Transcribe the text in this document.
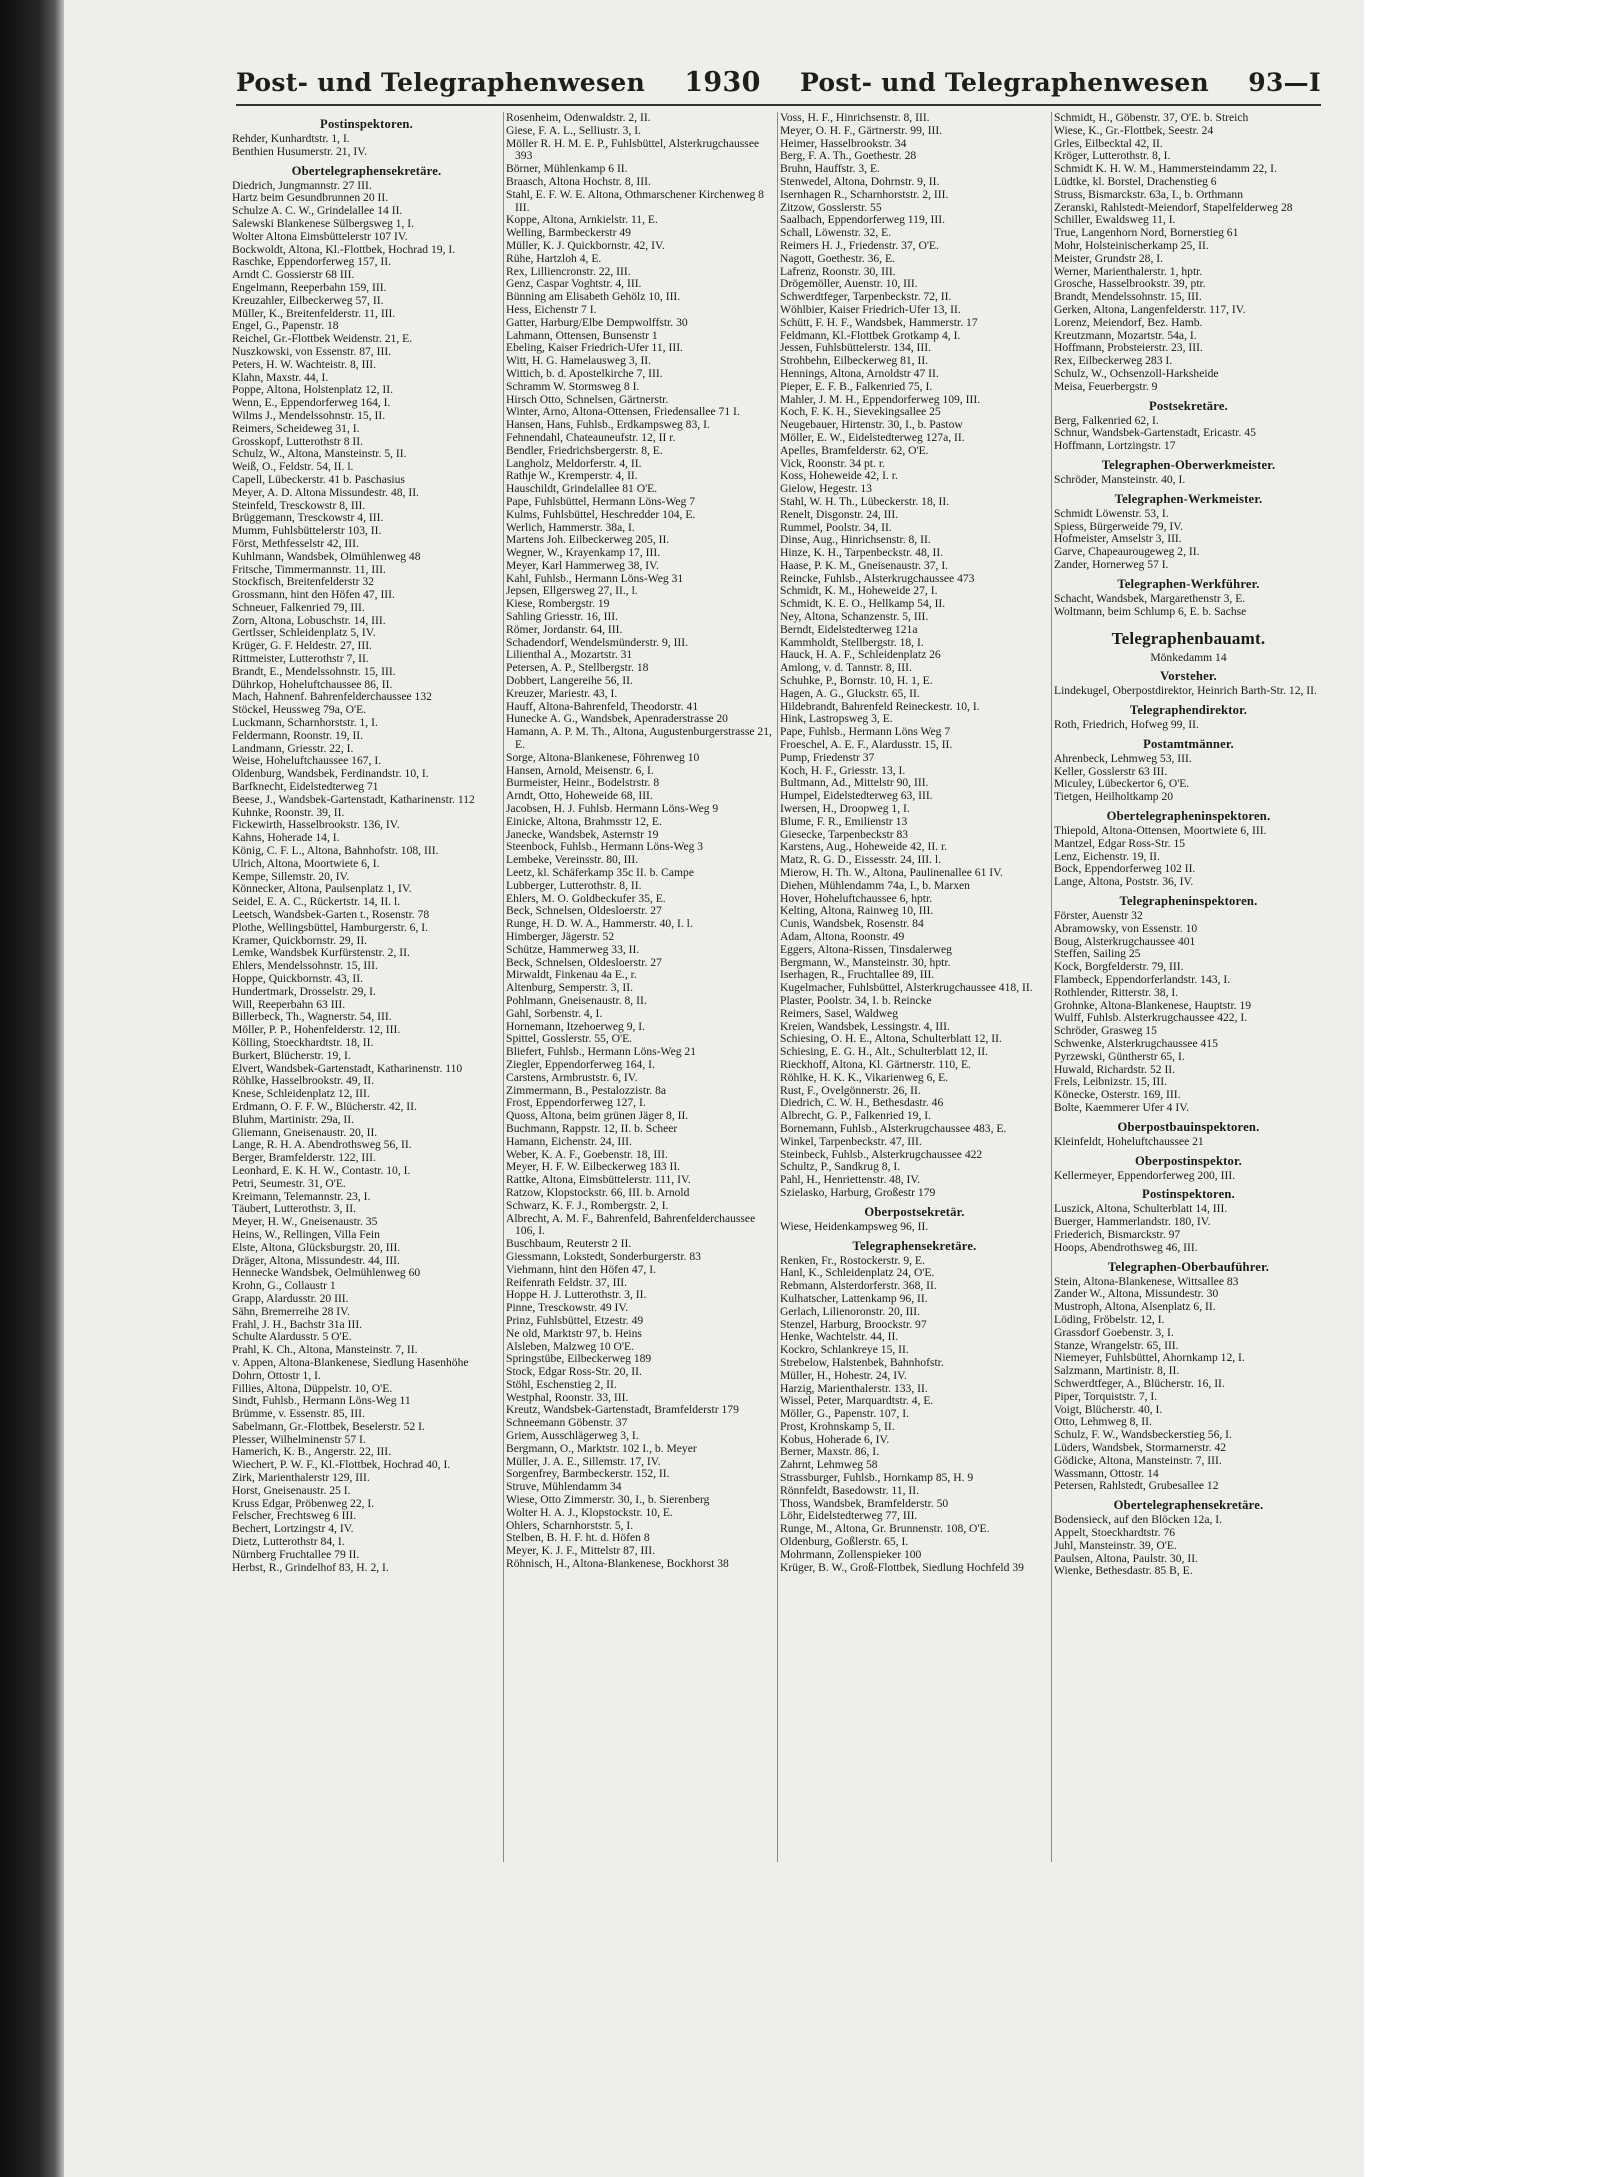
Post- und Telegraphenwesen 1930 Post- und Telegraphenwesen 93—I
Postinspektoren.
Rehder, Kunhardtstr. 1, I.
Benthien Husumerstr. 21, IV.
Obertelegraphensekretäre.
Diedrich, Jungmannstr. 27 III.
Hartz beim Gesundbrunnen 20 II.
Schulze A. C. W., Grindelallee 14 II.
Salewski Blankenese Sülbergsweg 1, I.
Wolter Altona Eimsbüttelerstr 107 IV.
Bockwoldt, Altona, Kl.-Flottbek, Hochrad 19, I.
Raschke, Eppendorferweg 157, II.
Arndt C. Gossierstr 68 III.
Engelmann, Reeperbahn 159, III.
Kreuzahler, Eilbeckerweg 57, II.
Müller, K., Breitenfelderstr. 11, III.
Engel, G., Papenstr. 18
Reichel, Gr.-Flottbek Weidenstr. 21, E.
Nuszkowski, von Essenstr. 87, III.
Peters, H. W. Wachteistr. 8, III.
Klahn, Maxstr. 44, I.
Poppe, Altona, Holstenplatz 12, II.
Wenn, E., Eppendorferweg 164, I.
Wilms J., Mendelssohnstr. 15, II.
Reimers, Scheideweg 31, I.
Grosskopf, Lutterothstr 8 II.
Schulz, W., Altona, Mansteinstr. 5, II.
Weiß, O., Feldstr. 54, II. l.
Capell, Lübeckerstr. 41 b. Paschasius
Meyer, A. D. Altona Missundestr. 48, II.
Steinfeld, Tresckowstr 8, III.
Brüggemann, Tresckowstr 4, III.
Mumm, Fuhlsbüttelerstr 103, II.
Först, Methfesselstr 42, III.
Kuhlmann, Wandsbek, Olmühlenweg 48
Fritsche, Timmermannstr. 11, III.
Stockfisch, Breitenfelderstr 32
Grossmann, hint den Höfen 47, III.
Schneuer, Falkenried 79, III.
Zorn, Altona, Lobuschstr. 14, III.
Gertlsser, Schleidenplatz 5, IV.
Krüger, G. F. Heldestr. 27, III.
Rittmeister, Lutterothstr 7, II.
Brandt, E., Mendelssohnstr. 15, III.
Dührkop, Hoheluftchaussee 86, II.
Mach, Hahnenf. Bahrenfelderchaussee 132
Stöckel, Heussweg 79a, O'E.
Luckmann, Scharnhorststr. 1, I.
Feldermann, Roonstr. 19, II.
Landmann, Griesstr. 22, I.
Weise, Hoheluftchaussee 167, I.
Oldenburg, Wandsbek, Ferdinandstr. 10, I.
Barfknecht, Eidelstedterweg 71
Beese, J., Wandsbek-Gartenstadt, Katharinenstr. 112
Kuhnke, Roonstr. 39, II.
Fickewirth, Hasselbrookstr. 136, IV.
Kahns, Hoherade 14, I.
König, C. F. L., Altona, Bahnhofstr. 108, III.
Ulrich, Altona, Moortwiete 6, I.
Kempe, Sillemstr. 20, IV.
Könnecker, Altona, Paulsenplatz 1, IV.
Seidel, E. A. C., Rückertstr. 14, II. l.
Leetsch, Wandsbek-Garten t., Rosenstr. 78
Plothe, Wellingsbüttel, Hamburgerstr. 6, I.
Kramer, Quickbornstr. 29, II.
Lemke, Wandsbek Kurfürstenstr. 2, II.
Ehlers, Mendelssohnstr. 15, III.
Hoppe, Quickbornstr. 43, II.
Hundertmark, Drosselstr. 29, I.
Will, Reeperbahn 63 III.
Billerbeck, Th., Wagnerstr. 54, III.
Möller, P. P., Hohenfelderstr. 12, III.
Kölling, Stoeckhardtstr. 18, II.
Burkert, Blücherstr. 19, I.
Elvert, Wandsbek-Gartenstadt, Katharinenstr. 110
Röhlke, Hasselbrookstr. 49, II.
Knese, Schleidenplatz 12, III.
Erdmann, O. F. F. W., Blücherstr. 42, II.
Bluhm, Martinistr. 29a, II.
Gliemann, Gneisenaustr. 20, II.
Lange, R. H. A. Abendrothsweg 56, II.
Berger, Bramfelderstr. 122, III.
Leonhard, E. K. H. W., Contastr. 10, I.
Petri, Seumestr. 31, O'E.
Kreimann, Telemannstr. 23, I.
Täubert, Lutterothstr. 3, II.
Meyer, H. W., Gneisenaustr. 35
Heins, W., Rellingen, Villa Fein
Elste, Altona, Glücksburgstr. 20, III.
Dräger, Altona, Missundestr. 44, III.
Hennecke Wandsbek, Oelmühlenweg 60
Krohn, G., Collaustr 1
Grapp, Alardusstr. 20 III.
Sähn, Bremerreihe 28 IV.
Frahl, J. H., Bachstr 31a III.
Schulte Alardusstr. 5 O'E.
Prahl, K. Ch., Altona, Mansteinstr. 7, II.
v. Appen, Altona-Blankenese, Siedlung Hasenhöhe
Dohrn, Ottostr 1, I.
Fillies, Altona, Düppelstr. 10, O'E.
Sindt, Fuhlsb., Hermann Löns-Weg 11
Brümme, v. Essenstr. 85, III.
Sabelmann, Gr.-Flottbek, Beselerstr. 52 I.
Plesser, Wilhelminenstr 57 I.
Hamerich, K. B., Angerstr. 22, III.
Wiechert, P. W. F., Kl.-Flottbek, Hochrad 40, I.
Zirk, Marienthalerstr 129, III.
Horst, Gneisenaustr. 25 I.
Kruss Edgar, Pröbenweg 22, I.
Felscher, Frechtsweg 6 III.
Bechert, Lortzingstr 4, IV.
Dietz, Lutterothstr 84, I.
Nürnberg Fruchtallee 79 II.
Herbst, R., Grindelhof 83, H. 2, I.
Rosenheim, Odenwaldstr. 2, II.
Giese, F. A. L., Selliustr. 3, I.
Möller R. H. M. E. P., Fuhlsbüttel, Alsterkrugchaussee 393
Börner, Mühlenkamp 6 II.
Braasch, Altona Hochstr. 8, III.
Stahl, E. F. W. E. Altona, Othmarschener Kirchenweg 8 III.
Koppe, Altona, Arnkielstr. 11, E.
Welling, Barmbeckerstr 49
Müller, K. J. Quickbornstr. 42, IV.
Rühe, Hartzloh 4, E.
Rex, Lilliencronstr. 22, III.
Genz, Caspar Voghtstr. 4, III.
Bünning am Elisabeth Gehölz 10, III.
Hess, Eichenstr 7 I.
Gatter, Harburg/Elbe Dempwolffstr. 30
Lahmann, Ottensen, Bunsenstr 1
Ebeling, Kaiser Friedrich-Ufer 11, III.
Witt, H. G. Hamelausweg 3, II.
Wittich, b. d. Apostelkirche 7, III.
Schramm W. Stormsweg 8 I.
Hirsch Otto, Schnelsen, Gärtnerstr.
Winter, Arno, Altona-Ottensen, Friedensallee 71 I.
Hansen, Hans, Fuhlsb., Erdkampsweg 83, I.
Fehnendahl, Chateauneufstr. 12, II r.
Bendler, Friedrichsbergerstr. 8, E.
Langholz, Meldorferstr. 4, II.
Rathje W., Kremperstr. 4, II.
Hauschildt, Grindelallee 81 O'E.
Pape, Fuhlsbüttel, Hermann Löns-Weg 7
Kulms, Fuhlsbüttel, Heschredder 104, E.
Werlich, Hammerstr. 38a, I.
Martens Joh. Eilbeckerweg 205, II.
Wegner, W., Krayenkamp 17, III.
Meyer, Karl Hammerweg 38, IV.
Kahl, Fuhlsb., Hermann Löns-Weg 31
Jepsen, Ellgersweg 27, II., l.
Kiese, Rombergstr. 19
Sahling Griesstr. 16, III.
Römer, Jordanstr. 64, III.
Schadendorf, Wendelsmünderstr. 9, III.
Lilienthal A., Mozartstr. 31
Petersen, A. P., Stellbergstr. 18
Dobbert, Langereihe 56, II.
Kreuzer, Mariestr. 43, I.
Hauff, Altona-Bahrenfeld, Theodorstr. 41
Hunecke A. G., Wandsbek, Apenraderstrasse 20
Hamann, A. P. M. Th., Altona, Augustenburgerstrasse 21, E.
Sorge, Altona-Blankenese, Föhrenweg 10
Hansen, Arnold, Meisenstr. 6, I.
Burmeister, Heinr., Bodelstrstr. 8
Arndt, Otto, Hoheweide 68, III.
Jacobsen, H. J. Fuhlsb. Hermann Löns-Weg 9
Einicke, Altona, Brahmsstr 12, E.
Janecke, Wandsbek, Asternstr 19
Steenbock, Fuhlsb., Hermann Löns-Weg 3
Lembeke, Vereinsstr. 80, III.
Leetz, kl. Schäferkamp 35c II. b. Campe
Lubberger, Lutterothstr. 8, II.
Ehlers, M. O. Goldbeckufer 35, E.
Beck, Schnelsen, Oldesloerstr. 27
Runge, H. D. W. A., Hammerstr. 40, I. l.
Himberger, Jägerstr. 52
Schütze, Hammerweg 33, II.
Beck, Schnelsen, Oldesloerstr. 27
Mirwaldt, Finkenau 4a E., r.
Altenburg, Semperstr. 3, II.
Pohlmann, Gneisenaustr. 8, II.
Gahl, Sorbenstr. 4, I.
Hornemann, Itzehoerweg 9, I.
Spittel, Gosslerstr. 55, O'E.
Bliefert, Fuhlsb., Hermann Löns-Weg 21
Ziegler, Eppendorferweg 164, I.
Carstens, Armbruststr. 6, IV.
Zimmermann, B., Pestalozzistr. 8a
Frost, Eppendorferweg 127, I.
Quoss, Altona, beim grünen Jäger 8, II.
Buchmann, Rappstr. 12, II. b. Scheer
Hamann, Eichenstr. 24, III.
Weber, K. A. F., Goebenstr. 18, III.
Meyer, H. F. W. Eilbeckerweg 183 II.
Rattke, Altona, Eimsbüttelerstr. 111, IV.
Ratzow, Klopstockstr. 66, III. b. Arnold
Schwarz, K. F. J., Rombergstr. 2, I.
Albrecht, A. M. F., Bahrenfeld, Bahrenfelderchaussee 106, I.
Buschbaum, Reuterstr 2 II.
Giessmann, Lokstedt, Sonderburgerstr. 83
Viehmann, hint den Höfen 47, I.
Reifenrath Feldstr. 37, III.
Hoppe H. J. Lutterothstr. 3, II.
Pinne, Tresckowstr. 49 IV.
Prinz, Fuhlsbüttel, Etzestr. 49
Ne old, Marktstr 97, b. Heins
Alsleben, Malzweg 10 O'E.
Springstübe, Eilbeckerweg 189
Stock, Edgar Ross-Str. 20, II.
Stöhl, Eschenstieg 2, II.
Westphal, Roonstr. 33, III.
Kreutz, Wandsbek-Gartenstadt, Bramfelderstr 179
Schneemann Göbenstr. 37
Griem, Ausschlägerweg 3, I.
Bergmann, O., Marktstr. 102 I., b. Meyer
Müller, J. A. E., Sillemstr. 17, IV.
Sorgenfrey, Barmbeckerstr. 152, II.
Struve, Mühlendamm 34
Wiese, Otto Zimmerstr. 30, I., b. Sierenberg
Wolter H. A. J., Klopstockstr. 10, E.
Ohlers, Scharnhorststr. 5, I.
Stelben, B. H. F. ht. d. Höfen 8
Meyer, K. J. F., Mittelstr 87, III.
Röhnisch, H., Altona-Blankenese, Bockhorst 38
Voss, H. F., Hinrichsenstr. 8, III.
Meyer, O. H. F., Gärtnerstr. 99, III.
Heimer, Hasselbrookstr. 34
Berg, F. A. Th., Goethestr. 28
Bruhn, Hauffstr. 3, E.
Stenwedel, Altona, Dohrnstr. 9, II.
Isernhagen R., Scharnhorststr. 2, III.
Zitzow, Gosslerstr. 55
Saalbach, Eppendorferweg 119, III.
Schall, Löwenstr. 32, E.
Reimers H. J., Friedenstr. 37, O'E.
Nagott, Goethestr. 36, E.
Lafrenz, Roonstr. 30, III.
Drögemöller, Auenstr. 10, III.
Schwerdtfeger, Tarpenbeckstr. 72, II.
Wöhlbier, Kaiser Friedrich-Ufer 13, II.
Schütt, F. H. F., Wandsbek, Hammerstr. 17
Feldmann, Kl.-Flottbek Grotkamp 4, I.
Jessen, Fuhlsbüttelerstr. 134, III.
Strohbehn, Eilbeckerweg 81, II.
Hennings, Altona, Arnoldstr 47 II.
Pieper, E. F. B., Falkenried 75, I.
Mahler, J. M. H., Eppendorferweg 109, III.
Koch, F. K. H., Sievekingsallee 25
Neugebauer, Hirtenstr. 30, I., b. Pastow
Möller, E. W., Eidelstedterweg 127a, II.
Apelles, Bramfelderstr. 62, O'E.
Vick, Roonstr. 34 pt. r.
Koss, Hoheweide 42, I. r.
Gielow, Hegestr. 13
Stahl, W. H. Th., Lübeckerstr. 18, II.
Renelt, Disgonstr. 24, III.
Rummel, Poolstr. 34, II.
Dinse, Aug., Hinrichsenstr. 8, II.
Hinze, K. H., Tarpenbeckstr. 48, II.
Haase, P. K. M., Gneisenaustr. 37, I.
Reincke, Fuhlsb., Alsterkrugchaussee 473
Schmidt, K. M., Hoheweide 27, I.
Schmidt, K. E. O., Hellkamp 54, II.
Ney, Altona, Schanzenstr. 5, III.
Berndt, Eidelstedterweg 121a
Kammholdt, Stellbergstr. 18, I.
Hauck, H. A. F., Schleidenplatz 26
Amlong, v. d. Tannstr. 8, III.
Schuhke, P., Bornstr. 10, H. 1, E.
Hagen, A. G., Gluckstr. 65, II.
Hildebrandt, Bahrenfeld Reineckestr. 10, I.
Hink, Lastropsweg 3, E.
Pape, Fuhlsb., Hermann Löns Weg 7
Froeschel, A. E. F., Alardusstr. 15, II.
Pump, Friedenstr 37
Koch, H. F., Griesstr. 13, I.
Bultmann, Ad., Mittelstr 90, III.
Humpel, Eidelstedterweg 63, III.
Iwersen, H., Droopweg 1, I.
Blume, F. R., Emilienstr 13
Giesecke, Tarpenbeckstr 83
Karstens, Aug., Hoheweide 42, II. r.
Matz, R. G. D., Eissesstr. 24, III. l.
Mierow, H. Th. W., Altona, Paulinenallee 61 IV.
Diehen, Mühlendamm 74a, I., b. Marxen
Hover, Hoheluftchaussee 6, hptr.
Kelting, Altona, Rainweg 10, III.
Cunis, Wandsbek, Rosenstr. 84
Adam, Altona, Roonstr. 49
Eggers, Altona-Rissen, Tinsdalerweg
Bergmann, W., Mansteinstr. 30, hptr.
Iserhagen, R., Fruchtallee 89, III.
Kugelmacher, Fuhlsbüttel, Alsterkrugchaussee 418, II.
Plaster, Poolstr. 34, I. b. Reincke
Reimers, Sasel, Waldweg
Kreien, Wandsbek, Lessingstr. 4, III.
Schiesing, O. H. E., Altona, Schulterblatt 12, II.
Schiesing, E. G. H., Alt., Schulterblatt 12, II.
Rieckhoff, Altona, Kl. Gärtnerstr. 110, E.
Röhlke, H. K. K., Vikarienweg 6, E.
Rust, F., Ovelgönnerstr. 26, II.
Diedrich, C. W. H., Bethesdastr. 46
Albrecht, G. P., Falkenried 19, I.
Bornemann, Fuhlsb., Alsterkrugchaussee 483, E.
Winkel, Tarpenbeckstr. 47, III.
Steinbeck, Fuhlsb., Alsterkrugchaussee 422
Schultz, P., Sandkrug 8, I.
Pahl, H., Henriettenstr. 48, IV.
Szielasko, Harburg, Großestr 179
Oberpostsekretär.
Wiese, Heidenkampsweg 96, II.
Telegraphensekretäre.
Renken, Fr., Rostockerstr. 9, E.
Hanl, K., Schleidenplatz 24, O'E.
Rebmann, Alsterdorferstr. 368, II.
Kulhatscher, Lattenkamp 96, II.
Gerlach, Lilienoronstr. 20, III.
Stenzel, Harburg, Broockstr. 97
Henke, Wachtelstr. 44, II.
Kockro, Schlankreye 15, II.
Strebelow, Halstenbek, Bahnhofstr.
Müller, H., Hohestr. 24, IV.
Harzig, Marienthalerstr. 133, II.
Wissel, Peter, Marquardtstr. 4, E.
Möller, G., Papenstr. 107, I.
Prost, Krohnskamp 5, II.
Kobus, Hoherade 6, IV.
Berner, Maxstr. 86, I.
Zahrnt, Lehmweg 58
Strassburger, Fuhlsb., Hornkamp 85, H. 9
Rönnfeldt, Basedowstr. 11, II.
Thoss, Wandsbek, Bramfelderstr. 50
Löhr, Eidelstedterweg 77, III.
Runge, M., Altona, Gr. Brunnenstr. 108, O'E.
Oldenburg, Goßlerstr. 65, I.
Mohrmann, Zollenspieker 100
Krüger, B. W., Groß-Flottbek, Siedlung Hochfeld 39
Schmidt, H., Göbenstr. 37, O'E. b. Streich
Wiese, K., Gr.-Flottbek, Seestr. 24
Grles, Eilbecktal 42, II.
Kröger, Lutterothstr. 8, I.
Schmidt K. H. W. M., Hammersteindamm 22, I.
Lüdtke, kl. Borstel, Drachenstieg 6
Struss, Bismarckstr. 63a, I., b. Orthmann
Zeranski, Rahlstedt-Meiendorf, Stapelfelderweg 28
Schiller, Ewaldsweg 11, I.
True, Langenhorn Nord, Bornerstieg 61
Mohr, Holsteinischerkamp 25, II.
Meister, Grundstr 28, I.
Werner, Marienthalerstr. 1, hptr.
Grosche, Hasselbrookstr. 39, ptr.
Brandt, Mendelssohnstr. 15, III.
Gerken, Altona, Langenfelderstr. 117, IV.
Lorenz, Meiendorf, Bez. Hamb.
Kreutzmann, Mozartstr. 54a, I.
Hoffmann, Probsteierstr. 23, III.
Rex, Eilbeckerweg 283 I.
Schulz, W., Ochsenzoll-Harksheide
Meisa, Feuerbergstr. 9
Postsekretäre.
Berg, Falkenried 62, I.
Schnur, Wandsbek-Gartenstadt, Ericastr. 45
Hoffmann, Lortzingstr. 17
Telegraphen-Oberwerkmeister.
Schröder, Mansteinstr. 40, I.
Telegraphen-Werkmeister.
Schmidt Löwenstr. 53, I.
Spiess, Bürgerweide 79, IV.
Hofmeister, Amselstr 3, III.
Garve, Chapeaurougeweg 2, II.
Zander, Hornerweg 57 I.
Telegraphen-Werkführer.
Schacht, Wandsbek, Margarethenstr 3, E.
Woltmann, beim Schlump 6, E. b. Sachse
Telegraphenbauamt.
Mönkedamm 14
Vorsteher.
Lindekugel, Oberpostdirektor, Heinrich Barth-Str. 12, II.
Telegraphendirektor.
Roth, Friedrich, Hofweg 99, II.
Postamtmänner.
Ahrenbeck, Lehmweg 53, III.
Keller, Gosslerstr 63 III.
Miculey, Lübeckertor 6, O'E.
Tietgen, Heilholtkamp 20
Obertelegrapheninspektoren.
Thiepold, Altona-Ottensen, Moortwiete 6, III.
Mantzel, Edgar Ross-Str. 15
Lenz, Eichenstr. 19, II.
Bock, Eppendorferweg 102 II.
Lange, Altona, Poststr. 36, IV.
Telegrapheninspektoren.
Förster, Auenstr 32
Abramowsky, von Essenstr. 10
Boug, Alsterkrugchaussee 401
Steffen, Sailing 25
Kock, Borgfelderstr. 79, III.
Flambeck, Eppendorferlandstr. 143, I.
Rothlender, Ritterstr. 38, I.
Grohnke, Altona-Blankenese, Hauptstr. 19
Wulff, Fuhlsb. Alsterkrugchaussee 422, I.
Schröder, Grasweg 15
Schwenke, Alsterkrugchaussee 415
Pyrzewski, Güntherstr 65, I.
Huwald, Richardstr. 52 II.
Frels, Leibnizstr. 15, III.
Könecke, Osterstr. 169, III.
Bolte, Kaemmerer Ufer 4 IV.
Oberpostbauinspektoren.
Kleinfeldt, Hoheluftchaussee 21
Oberpostinspektor.
Kellermeyer, Eppendorferweg 200, III.
Postinspektoren.
Luszick, Altona, Schulterblatt 14, III.
Buerger, Hammerlandstr. 180, IV.
Friederich, Bismarckstr. 97
Hoops, Abendrothsweg 46, III.
Telegraphen-Oberbauführer.
Stein, Altona-Blankenese, Wittsallee 83
Zander W., Altona, Missundestr. 30
Mustroph, Altona, Alsenplatz 6, II.
Löding, Fröbelstr. 12, I.
Grassdorf Goebenstr. 3, I.
Stanze, Wrangelstr. 65, III.
Niemeyer, Fuhlsbüttel, Ahornkamp 12, I.
Salzmann, Martinistr. 8, II.
Schwerdtfeger, A., Blücherstr. 16, II.
Piper, Torquiststr. 7, I.
Voigt, Blücherstr. 40, I.
Otto, Lehmweg 8, II.
Schulz, F. W., Wandsbeckerstieg 56, I.
Lüders, Wandsbek, Stormarnerstr. 42
Gödicke, Altona, Mansteinstr. 7, III.
Wassmann, Ottostr. 14
Petersen, Rahlstedt, Grubesallee 12
Obertelegraphensekretäre.
Bodensieck, auf den Blöcken 12a, I.
Appelt, Stoeckhardtstr. 76
Juhl, Mansteinstr. 39, O'E.
Paulsen, Altona, Paulstr. 30, II.
Wienke, Bethesdastr. 85 B, E.
